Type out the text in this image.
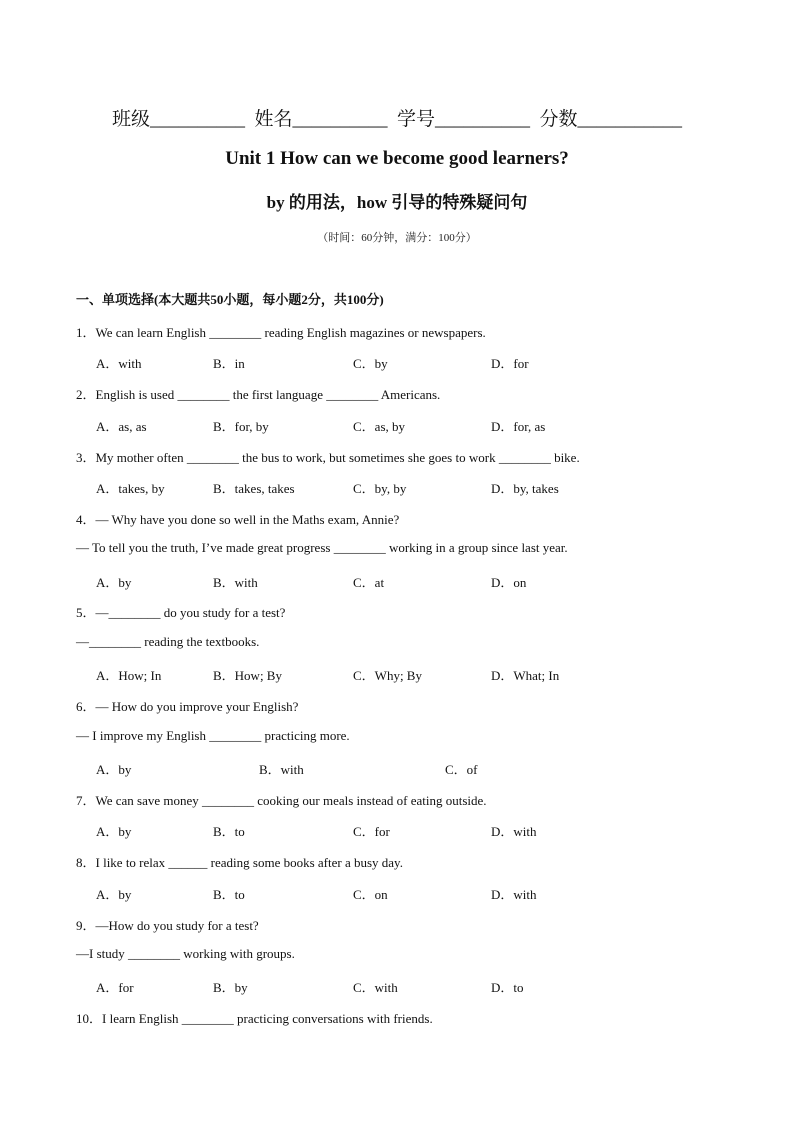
班级__________  姓名__________  学号__________  分数___________
Unit 1 How can we become good learners?
by 的用法，how 引导的特殊疑问句
（时间：60分钟，满分：100分）
一、单项选择(本大题共50小题，每小题2分，共100分)
1．We can learn English ________ reading English magazines or newspapers.
A．with	B．in	C．by	D．for
2．English is used ________ the first language ________ Americans.
A．as, as	B．for, by	C．as, by	D．for, as
3．My mother often ________ the bus to work, but sometimes she goes to work ________ bike.
A．takes, by	B．takes, takes	C．by, by	D．by, takes
4．— Why have you done so well in the Maths exam, Annie?
— To tell you the truth, I’ve made great progress ________ working in a group since last year.
A．by	B．with	C．at	D．on
5．—________ do you study for a test?
—________ reading the textbooks.
A．How; In	B．How; By	C．Why; By	D．What; In
6．— How do you improve your English?
— I improve my English ________ practicing more.
A．by	B．with	C．of
7．We can save money ________ cooking our meals instead of eating outside.
A．by	B．to	C．for	D．with
8．I like to relax ______ reading some books after a busy day.
A．by	B．to	C．on	D．with
9．—How do you study for a test?
—I study ________ working with groups.
A．for	B．by	C．with	D．to
10．I learn English ________ practicing conversations with friends.
